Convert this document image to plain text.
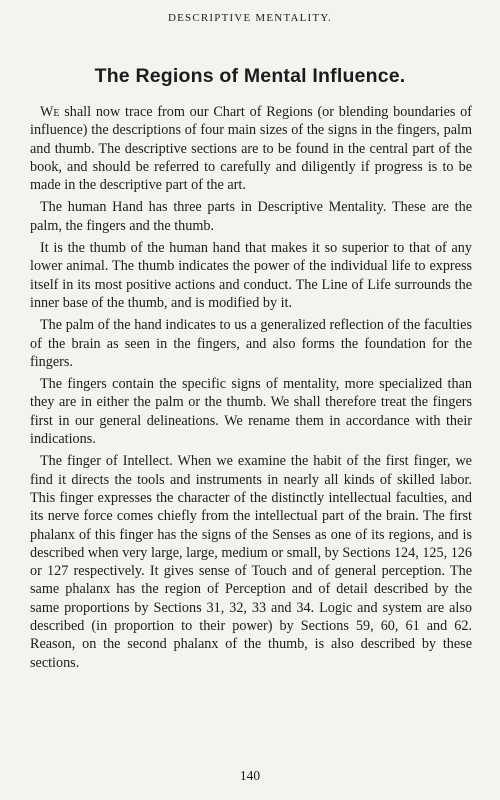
DESCRIPTIVE MENTALITY.
The Regions of Mental Influence.

We shall now trace from our Chart of Regions (or blending boundaries of influence) the descriptions of four main sizes of the signs in the fingers, palm and thumb. The descriptive sections are to be found in the central part of the book, and should be referred to carefully and diligently if progress is to be made in the descriptive part of the art.

The human Hand has three parts in Descriptive Mentality. These are the palm, the fingers and the thumb.

It is the thumb of the human hand that makes it so superior to that of any lower animal. The thumb indicates the power of the individual life to express itself in its most positive actions and conduct. The Line of Life surrounds the inner base of the thumb, and is modified by it.

The palm of the hand indicates to us a generalized reflection of the faculties of the brain as seen in the fingers, and also forms the foundation for the fingers.

The fingers contain the specific signs of mentality, more specialized than they are in either the palm or the thumb. We shall therefore treat the fingers first in our general delineations. We rename them in accordance with their indications.

The finger of Intellect. When we examine the habit of the first finger, we find it directs the tools and instruments in nearly all kinds of skilled labor. This finger expresses the character of the distinctly intellectual faculties, and its nerve force comes chiefly from the intellectual part of the brain. The first phalanx of this finger has the signs of the Senses as one of its regions, and is described when very large, large, medium or small, by Sections 124, 125, 126 or 127 respectively. It gives sense of Touch and of general perception. The same phalanx has the region of Perception and of detail described by the same proportions by Sections 31, 32, 33 and 34. Logic and system are also described (in proportion to their power) by Sections 59, 60, 61 and 62. Reason, on the second phalanx of the thumb, is also described by these sections.

140
